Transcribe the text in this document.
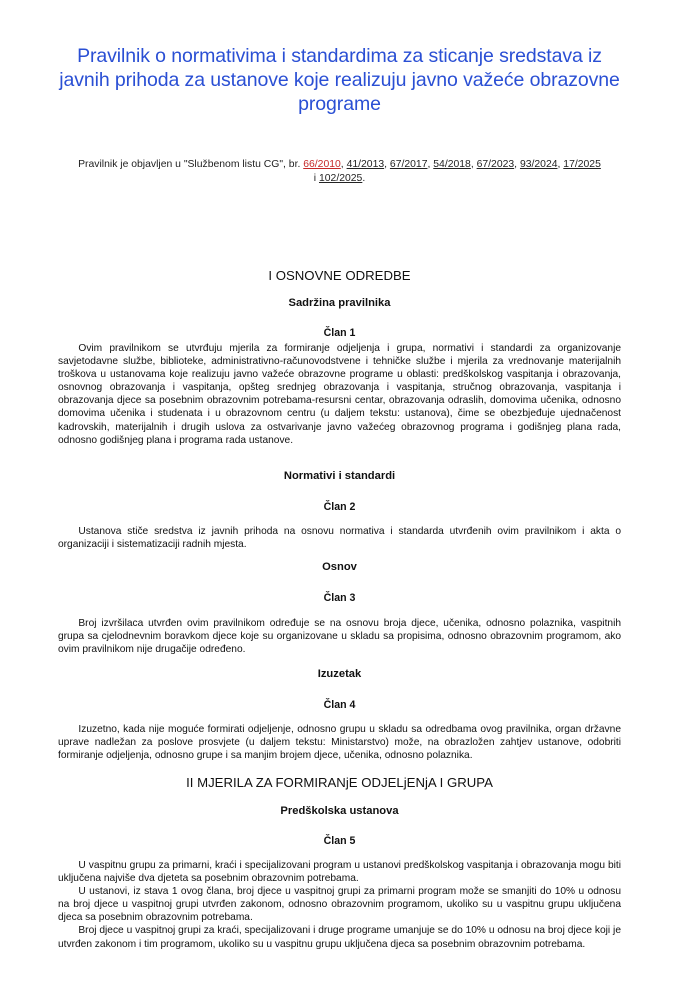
Pravilnik o normativima i standardima za sticanje sredstava iz javnih prihoda za ustanove koje realizuju javno važeće obrazovne programe
Pravilnik je objavljen u "Službenom listu CG", br. 66/2010, 41/2013, 67/2017, 54/2018, 67/2023, 93/2024, 17/2025
i 102/2025.

I OSNOVNE ODREDBE

Sadržina pravilnika

Član 1

Ovim pravilnikom se utvrđuju mjerila za formiranje odjeljenja i grupa, normativi i standardi za organizovanje savjetodavne službe, biblioteke, administrativno-računovodstvene i tehničke službe i mjerila za vrednovanje materijalnih troškova u ustanovama koje realizuju javno važeće obrazovne programe u oblasti: predškolskog vaspitanja i obrazovanja, osnovnog obrazovanja i vaspitanja, opšteg srednjeg obrazovanja i vaspitanja, stručnog obrazovanja, vaspitanja i obrazovanja djece sa posebnim obrazovnim potrebama-resursni centar, obrazovanja odraslih, domovima učenika, odnosno domovima učenika i studenata i u obrazovnom centru (u daljem tekstu: ustanova), čime se obezbjeđuje ujednačenost kadrovskih, materijalnih i drugih uslova za ostvarivanje javno važećeg obrazovnog programa i godišnjeg plana rada, odnosno godišnjeg plana i programa rada ustanove.

Normativi i standardi

Član 2

Ustanova stiče sredstva iz javnih prihoda na osnovu normativa i standarda utvrđenih ovim pravilnikom i akta o organizaciji i sistematizaciji radnih mjesta.

Osnov

Član 3

Broj izvršilaca utvrđen ovim pravilnikom određuje se na osnovu broja djece, učenika, odnosno polaznika, vaspitnih grupa sa cjelodnevnim boravkom djece koje su organizovane u skladu sa propisima, odnosno obrazovnim programom, ako ovim pravilnikom nije drugačije određeno.

Izuzetak

Član 4

Izuzetno, kada nije moguće formirati odjeljenje, odnosno grupu u skladu sa odredbama ovog pravilnika, organ državne uprave nadležan za poslove prosvjete (u daljem tekstu: Ministarstvo) može, na obrazložen zahtjev ustanove, odobriti formiranje odjeljenja, odnosno grupe i sa manjim brojem djece, učenika, odnosno polaznika.

II MJERILA ZA FORMIRANjE ODJELjENjA I GRUPA

Predškolska ustanova

Član 5

U vaspitnu grupu za primarni, kraći i specijalizovani program u ustanovi predškolskog vaspitanja i obrazovanja mogu biti uključena najviše dva djeteta sa posebnim obrazovnim potrebama.

U ustanovi, iz stava 1 ovog člana, broj djece u vaspitnoj grupi za primarni program može se smanjiti do 10% u odnosu na broj djece u vaspitnoj grupi utvrđen zakonom, odnosno obrazovnim programom, ukoliko su u vaspitnu grupu uključena djeca sa posebnim obrazovnim potrebama.

Broj djece u vaspitnoj grupi za kraći, specijalizovani i druge programe umanjuje se do 10% u odnosu na broj djece koji je utvrđen zakonom i tim programom, ukoliko su u vaspitnu grupu uključena djeca sa posebnim obrazovnim potrebama.
